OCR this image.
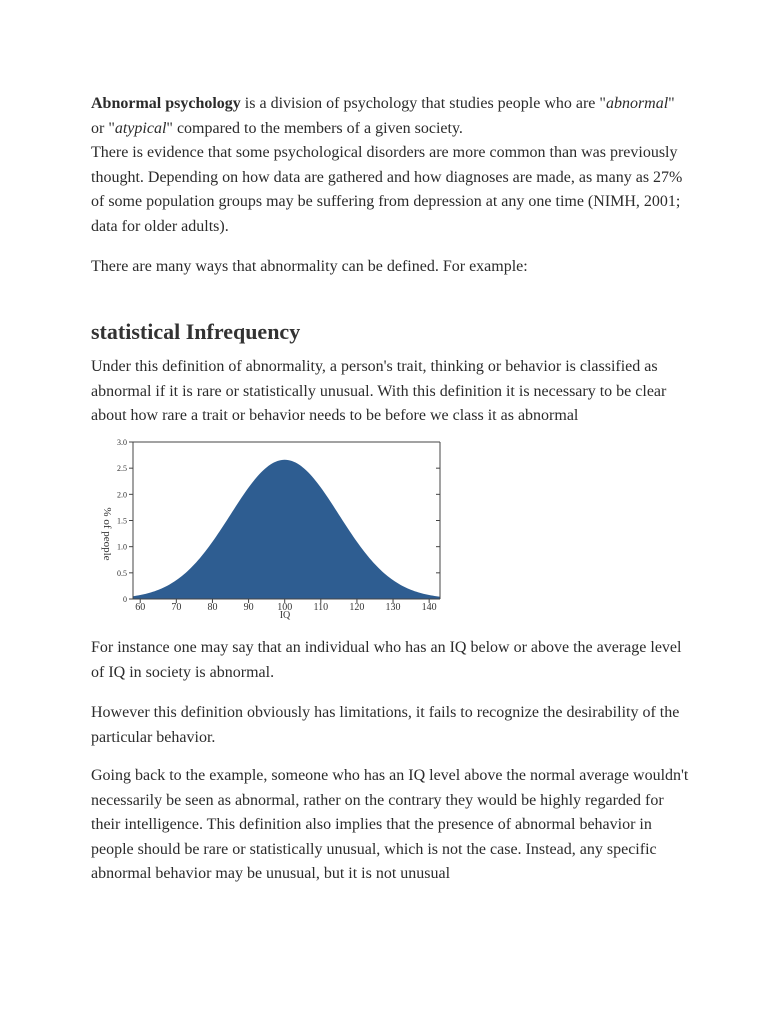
Abnormal psychology is a division of psychology that studies people who are "abnormal" or "atypical" compared to the members of a given society.
There is evidence that some psychological disorders are more common than was previously thought. Depending on how data are gathered and how diagnoses are made, as many as 27% of some population groups may be suffering from depression at any one time (NIMH, 2001; data for older adults).

There are many ways that abnormality can be defined. For example:

statistical Infrequency

Under this definition of abnormality, a person's trait, thinking or behavior is classified as abnormal if it is rare or statistically unusual. With this definition it is necessary to be clear about how rare a trait or behavior needs to be before we class it as abnormal

0
0.5
1.0
1.5
2.0
2.5
3.0
60	70	80	90 100 110 120 130 140
% of people
IQ

For instance one may say that an individual who has an IQ below or above the average level of IQ in society is abnormal.

However this definition obviously has limitations, it fails to recognize the desirability of the particular behavior.

Going back to the example, someone who has an IQ level above the normal average wouldn't necessarily be seen as abnormal, rather on the contrary they would be highly regarded for their intelligence. This definition also implies that the presence of abnormal behavior in people should be rare or statistically unusual, which is not the case. Instead, any specific abnormal behavior may be unusual, but it is not unusual
